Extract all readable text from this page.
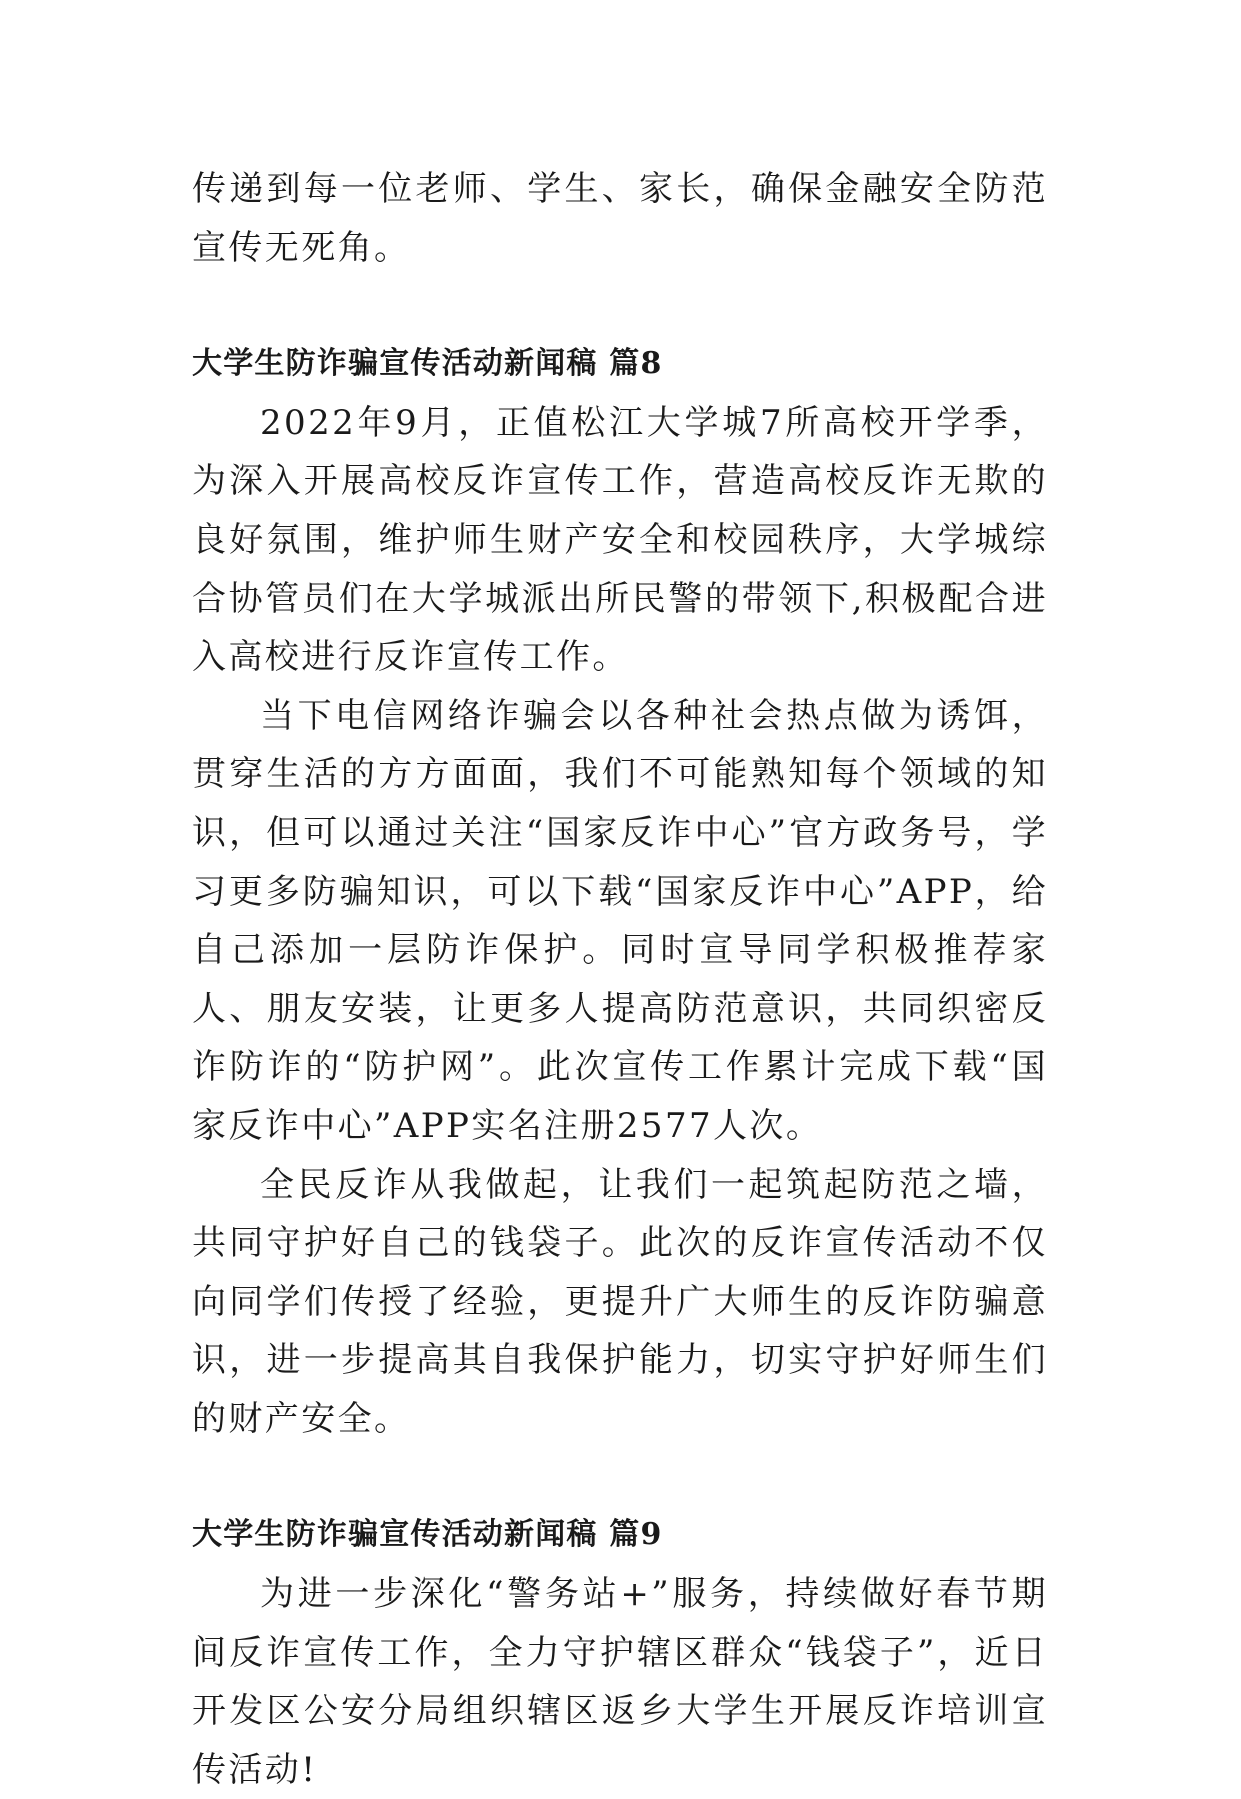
传递到每一位老师、学生、家长，确保金融安全防范宣传无死角。

大学生防诈骗宣传活动新闻稿 篇8

2022年9月，正值松江大学城7所高校开学季，为深入开展高校反诈宣传工作，营造高校反诈无欺的良好氛围，维护师生财产安全和校园秩序，大学城综合协管员们在大学城派出所民警的带领下,积极配合进入高校进行反诈宣传工作。

当下电信网络诈骗会以各种社会热点做为诱饵，贯穿生活的方方面面，我们不可能熟知每个领域的知识，但可以通过关注“国家反诈中心”官方政务号，学习更多防骗知识，可以下载“国家反诈中心”APP，给自己添加一层防诈保护。同时宣导同学积极推荐家人、朋友安装，让更多人提高防范意识，共同织密反诈防诈的“防护网”。此次宣传工作累计完成下载“国家反诈中心”APP实名注册2577人次。

全民反诈从我做起，让我们一起筑起防范之墙，共同守护好自己的钱袋子。此次的反诈宣传活动不仅向同学们传授了经验，更提升广大师生的反诈防骗意识，进一步提高其自我保护能力，切实守护好师生们的财产安全。

大学生防诈骗宣传活动新闻稿 篇9

为进一步深化“警务站+”服务，持续做好春节期间反诈宣传工作，全力守护辖区群众“钱袋子”，近日开发区公安分局组织辖区返乡大学生开展反诈培训宣传活动!
